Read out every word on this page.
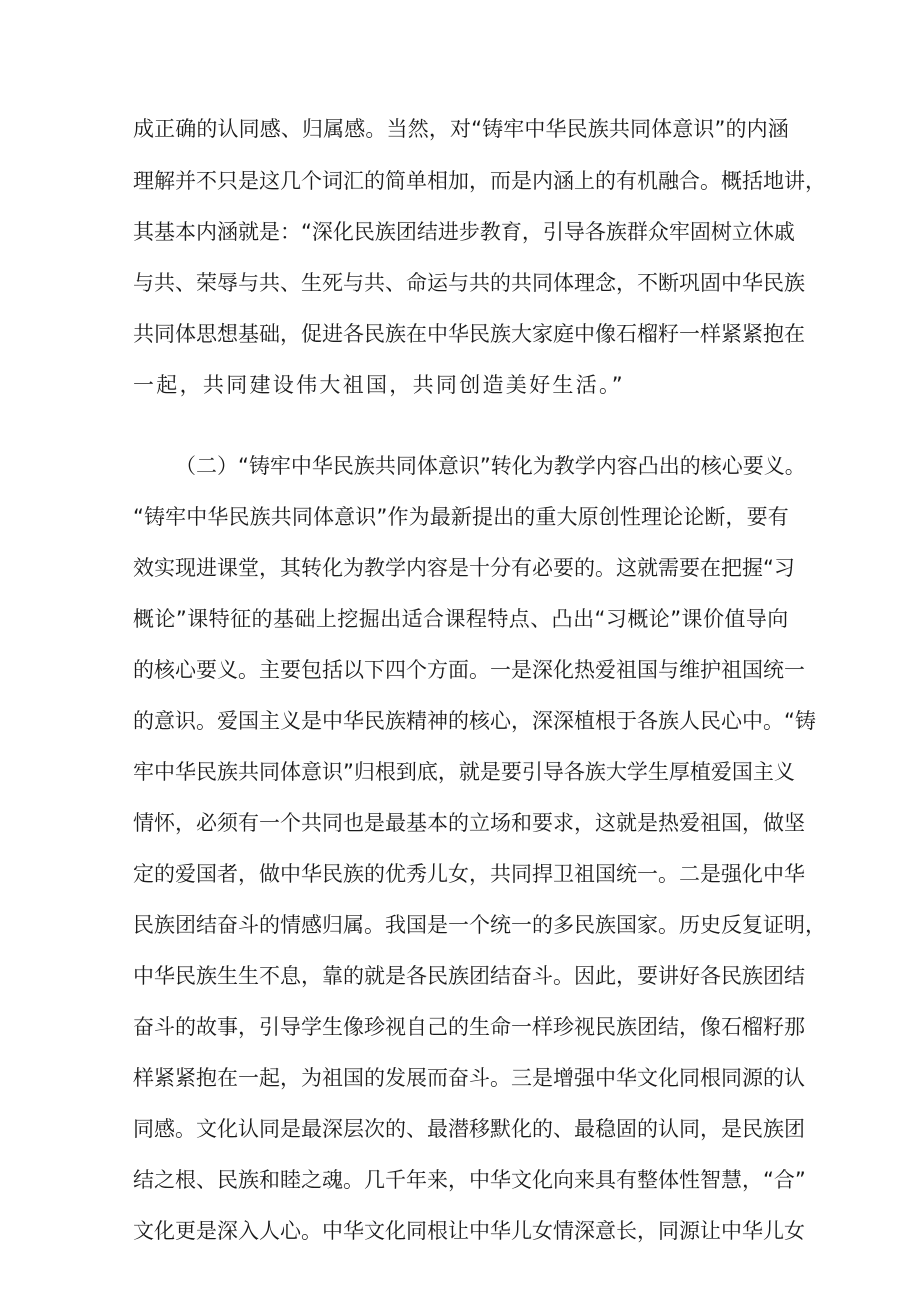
成正确的认同感、归属感。当然，对“铸牢中华民族共同体意识”的内涵
理解并不只是这几个词汇的简单相加，而是内涵上的有机融合。概括地讲，
其基本内涵就是：“深化民族团结进步教育，引导各族群众牢固树立休戚
与共、荣辱与共、生死与共、命运与共的共同体理念，不断巩固中华民族
共同体思想基础，促进各民族在中华民族大家庭中像石榴籽一样紧紧抱在
一起，共同建设伟大祖国，共同创造美好生活。”
（二）“铸牢中华民族共同体意识”转化为教学内容凸出的核心要义。
“铸牢中华民族共同体意识”作为最新提出的重大原创性理论论断，要有
效实现进课堂，其转化为教学内容是十分有必要的。这就需要在把握“习
概论”课特征的基础上挖掘出适合课程特点、凸出“习概论”课价值导向
的核心要义。主要包括以下四个方面。一是深化热爱祖国与维护祖国统一
的意识。爱国主义是中华民族精神的核心，深深植根于各族人民心中。“铸
牢中华民族共同体意识”归根到底，就是要引导各族大学生厚植爱国主义
情怀，必须有一个共同也是最基本的立场和要求，这就是热爱祖国，做坚
定的爱国者，做中华民族的优秀儿女，共同捍卫祖国统一。二是强化中华
民族团结奋斗的情感归属。我国是一个统一的多民族国家。历史反复证明，
中华民族生生不息，靠的就是各民族团结奋斗。因此，要讲好各民族团结
奋斗的故事，引导学生像珍视自己的生命一样珍视民族团结，像石榴籽那
样紧紧抱在一起，为祖国的发展而奋斗。三是增强中华文化同根同源的认
同感。文化认同是最深层次的、最潜移默化的、最稳固的认同，是民族团
结之根、民族和睦之魂。几千年来，中华文化向来具有整体性智慧，“合”
文化更是深入人心。中华文化同根让中华儿女情深意长，同源让中华儿女
